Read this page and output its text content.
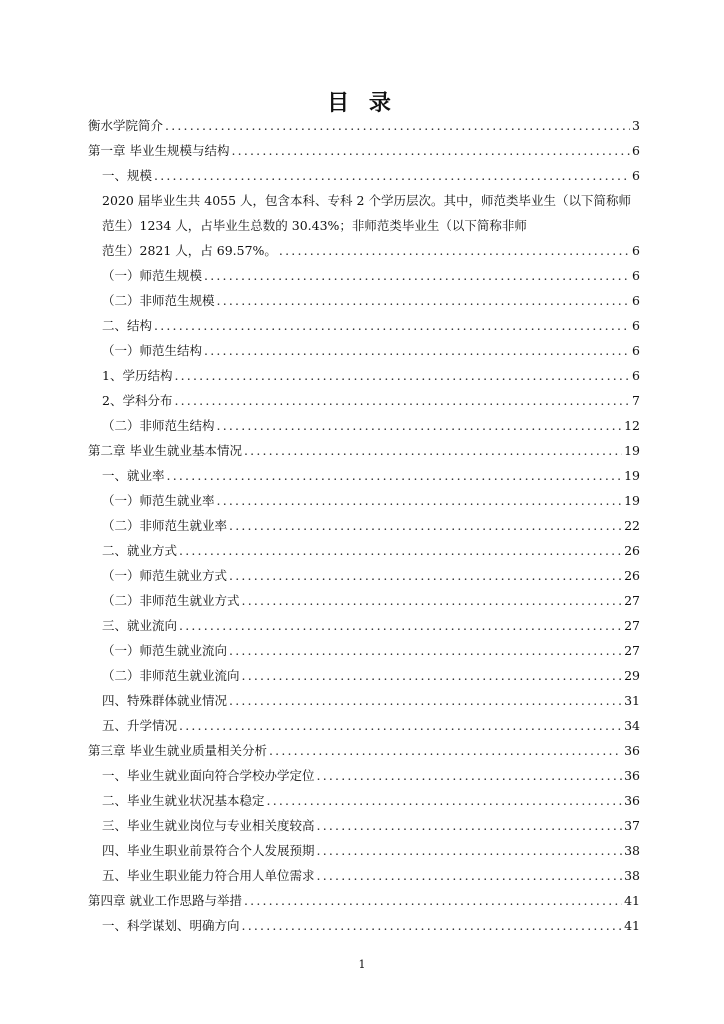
目 录
衡水学院简介 .....	3
第一章 毕业生规模与结构 .....	6
一、规模 .....	6
2020 届毕业生共 4055 人，包含本科、专科 2 个学历层次。其中，师范类毕业生（以下简称师范生）1234 人，占毕业生总数的 30.43%；非师范类毕业生（以下简称非师
范生）2821 人，占 69.57%。 .....	6
（一）师范生规模 .....	6
（二）非师范生规模 .....	6
二、结构 .....	6
（一）师范生结构 .....	6
1、学历结构 .....	6
2、学科分布 .....	7
（二）非师范生结构 .....	12
第二章 毕业生就业基本情况 .....	19
一、就业率 .....	19
（一）师范生就业率 .....	19
（二）非师范生就业率 .....	22
二、就业方式 .....	26
（一）师范生就业方式 .....	26
（二）非师范生就业方式 .....	27
三、就业流向 .....	27
（一）师范生就业流向 .....	27
（二）非师范生就业流向 .....	29
四、特殊群体就业情况 .....	31
五、升学情况 .....	34
第三章 毕业生就业质量相关分析 .....	36
一、毕业生就业面向符合学校办学定位 .....	36
二、毕业生就业状况基本稳定 .....	36
三、毕业生就业岗位与专业相关度较高 .....	37
四、毕业生职业前景符合个人发展预期 .....	38
五、毕业生职业能力符合用人单位需求 .....	38
第四章 就业工作思路与举措 .....	41
一、科学谋划、明确方向 .....	41
1
